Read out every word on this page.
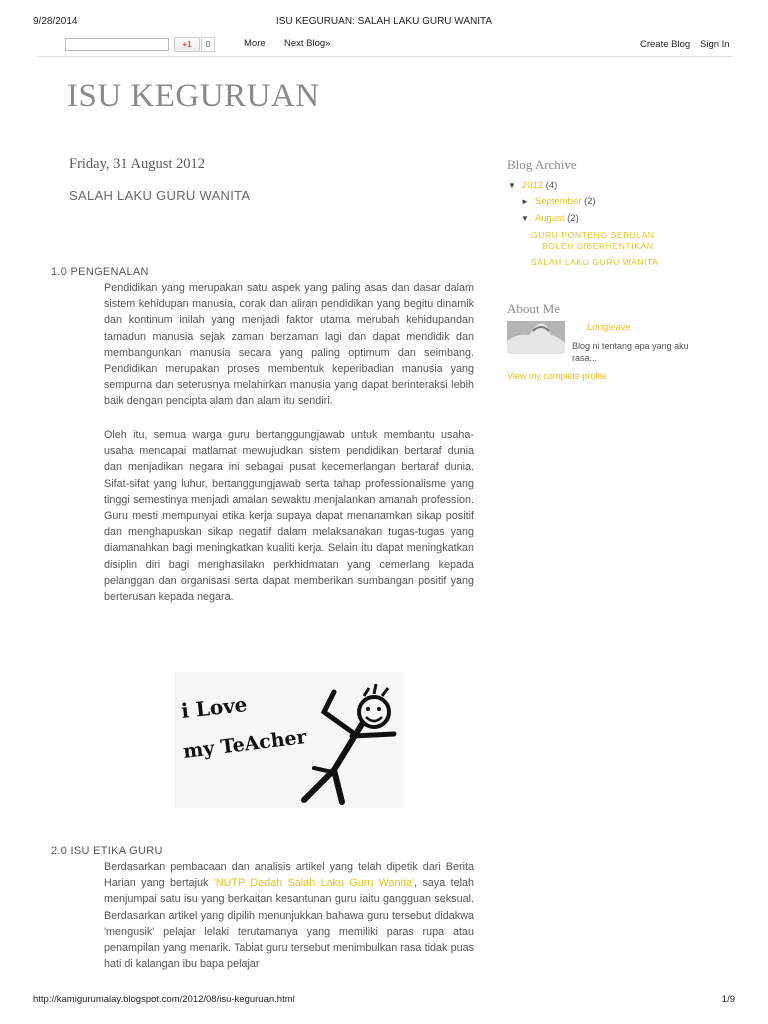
9/28/2014	ISU KEGURUAN: SALAH LAKU GURU WANITA
+1	0	More Next Blog»	Create Blog Sign In
ISU KEGURUAN
Friday, 31 August 2012
SALAH LAKU GURU WANITA
1.0 PENGENALAN

Pendidikan yang merupakan satu aspek yang paling asas dan dasar dalam sistem kehidupan manusia, corak dan aliran pendidikan yang begitu dinamik dan kontinum inilah yang menjadi faktor utama merubah kehidupandan tamadun manusia sejak zaman berzaman lagi dan dapat mendidik dan membangunkan manusia secara yang paling optimum dan seimbang. Pendidikan merupakan proses membentuk keperibadian manusia yang sempurna dan seterusnya melahirkan manusia yang dapat berinteraksi lebih baik dengan pencipta alam dan alam itu sendiri.

Oleh itu, semua warga guru bertanggungjawab untuk membantu usaha-usaha mencapai matlamat mewujudkan sistem pendidikan bertaraf dunia dan menjadikan negara ini sebagai pusat kecemerlangan bertaraf dunia. Sifat-sifat yang luhur, bertanggungjawab serta tahap professionalisme yang tinggi semestinya menjadi amalan sewaktu menjalankan amanah profession. Guru mesti mempunyai etika kerja supaya dapat menanamkan sikap positif dan menghapuskan sikap negatif dalam melaksanakan tugas-tugas yang diamanahkan bagi meningkatkan kualiti kerja. Selain itu dapat meningkatkan disiplin diri bagi menghasilakn perkhidmatan yang cemerlang kepada pelanggan dan organisasi serta dapat memberikan sumbangan positif yang berterusan kepada negara.

i Love
my TeAcher
2.0 ISU ETIKA GURU

Berdasarkan pembacaan dan analisis artikel yang telah dipetik dari Berita Harian yang bertajuk 'NUTP Dedah Salah Laku Guru Wanita', saya telah menjumpai satu isu yang berkaitan kesantunan guru iaitu gangguan seksual. Berdasarkan artikel yang dipilih menunjukkan bahawa guru tersebut didakwa 'mengusik' pelajar lelaki terutamanya yang memiliki paras rupa atau penampilan yang menarik. Tabiat guru tersebut menimbulkan rasa tidak puas hati di kalangan ibu bapa pelajar

Blog Archive
▼ 2012 (4)
► September (2)
▼ August (2)
GURU PONTENG SEBULAN
BOLEH DIBERHENTIKAN
SALAH LAKU GURU WANITA
About Me
Longleave
Blog ni tentang apa yang aku rasa...
View my complete profile
http://kamigurumalay.blogspot.com/2012/08/isu-keguruan.html	1/9
